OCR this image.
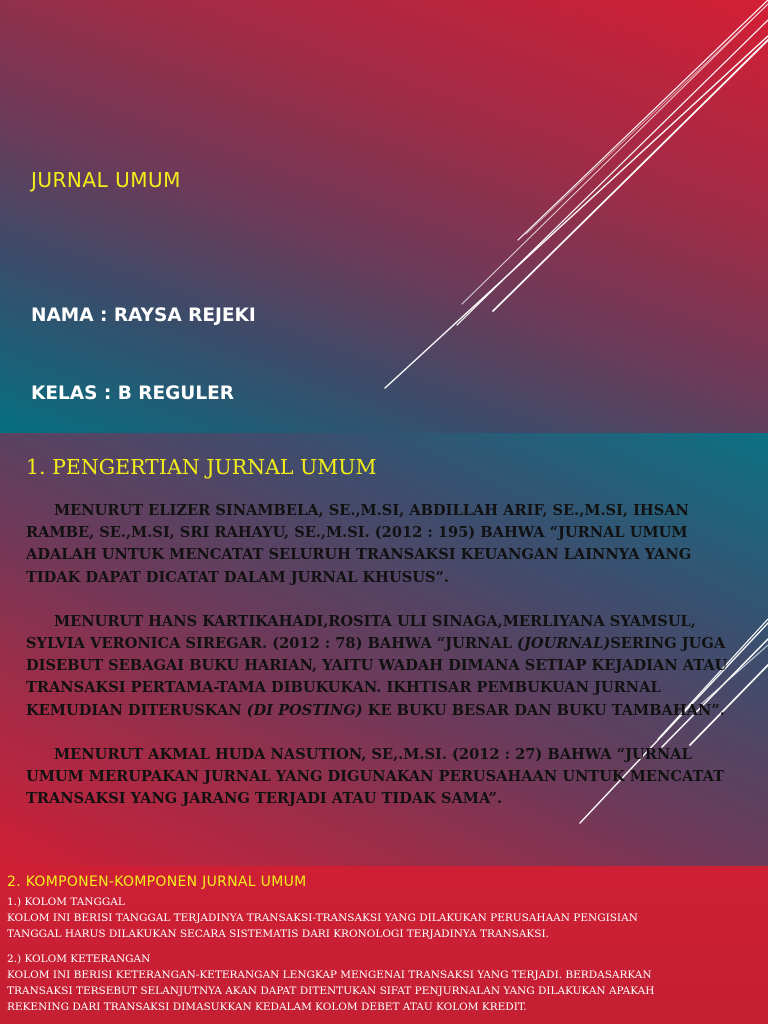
JURNAL UMUM

NAMA : RAYSA REJEKI

KELAS : B REGULER

1. PENGERTIAN JURNAL UMUM

MENURUT ELIZER SINAMBELA, SE.,M.SI, ABDILLAH ARIF, SE.,M.SI, IHSAN RAMBE, SE.,M.SI, SRI RAHAYU, SE.,M.SI. (2012 : 195) BAHWA “JURNAL UMUM ADALAH UNTUK MENCATAT SELURUH TRANSAKSI KEUANGAN LAINNYA YANG TIDAK DAPAT DICATAT DALAM JURNAL KHUSUS”.

MENURUT HANS KARTIKAHADI,ROSITA ULI SINAGA,MERLIYANA SYAMSUL, SYLVIA VERONICA SIREGAR. (2012 : 78) BAHWA “JURNAL (JOURNAL)SERING JUGA DISEBUT SEBAGAI BUKU HARIAN, YAITU WADAH DIMANA SETIAP KEJADIAN ATAU TRANSAKSI PERTAMA-TAMA DIBUKUKAN. IKHTISAR PEMBUKUAN JURNAL KEMUDIAN DITERUSKAN (DI POSTING) KE BUKU BESAR DAN BUKU TAMBAHAN”.

MENURUT AKMAL HUDA NASUTION, SE,.M.SI. (2012 : 27) BAHWA “JURNAL UMUM MERUPAKAN JURNAL YANG DIGUNAKAN PERUSAHAAN UNTUK MENCATAT TRANSAKSI YANG JARANG TERJADI ATAU TIDAK SAMA”.

2. KOMPONEN-KOMPONEN JURNAL UMUM
1.) KOLOM TANGGAL
KOLOM INI BERISI TANGGAL TERJADINYA TRANSAKSI-TRANSAKSI YANG DILAKUKAN PERUSAHAAN PENGISIAN
TANGGAL HARUS DILAKUKAN SECARA SISTEMATIS DARI KRONOLOGI TERJADINYA TRANSAKSI.
2.) KOLOM KETERANGAN
KOLOM INI BERISI KETERANGAN-KETERANGAN LENGKAP MENGENAI TRANSAKSI YANG TERJADI. BERDASARKAN
TRANSAKSI TERSEBUT SELANJUTNYA AKAN DAPAT DITENTUKAN SIFAT PENJURNALAN YANG DILAKUKAN APAKAH
REKENING DARI TRANSAKSI DIMASUKKAN KEDALAM KOLOM DEBET ATAU KOLOM KREDIT.
